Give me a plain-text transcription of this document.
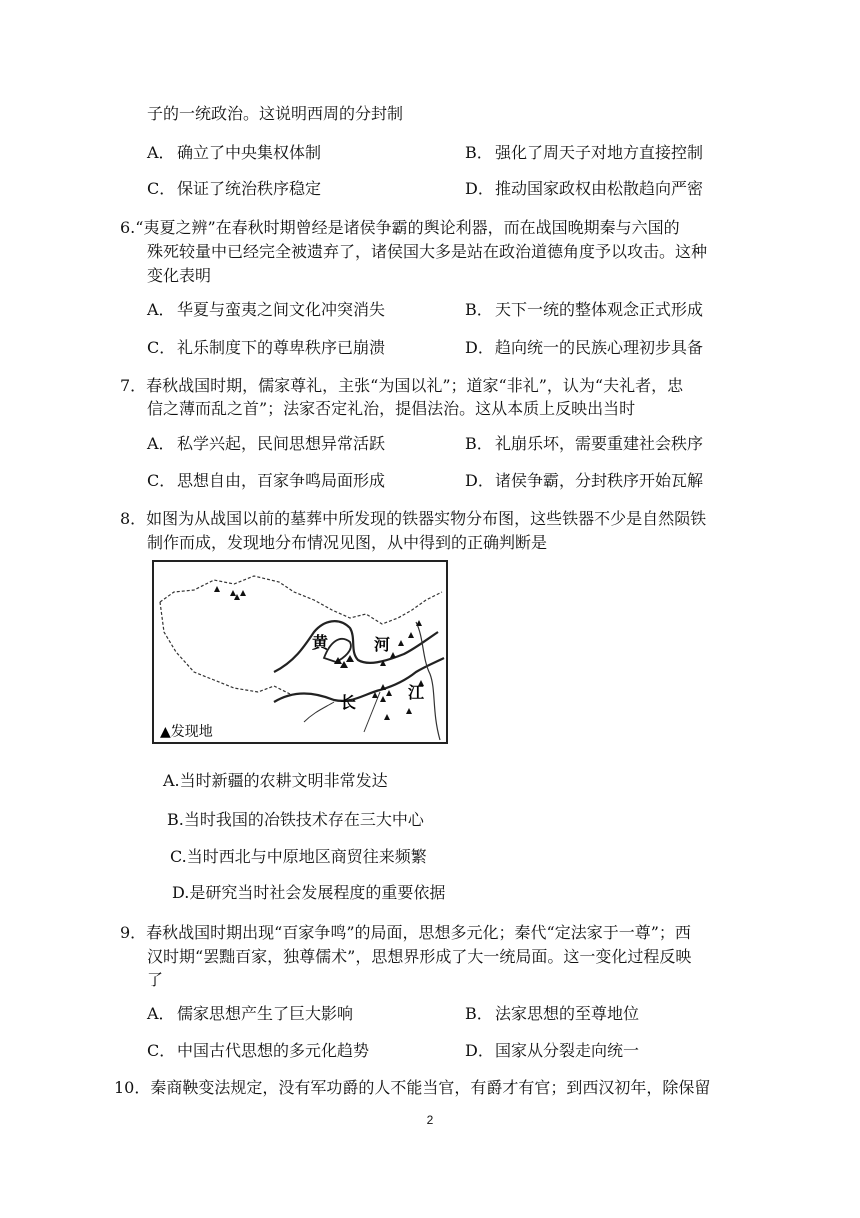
子的一统政治。这说明西周的分封制
A． 确立了中央集权体制	B． 强化了周天子对地方直接控制
C． 保证了统治秩序稳定	D．推动国家政权由松散趋向严密
6.“夷夏之辨”在春秋时期曾经是诸侯争霸的舆论利器，而在战国晚期秦与六国的
殊死较量中已经完全被遗弃了，诸侯国大多是站在政治道德角度予以攻击。这种
变化表明
A． 华夏与蛮夷之间文化冲突消失	B． 天下一统的整体观念正式形成
C． 礼乐制度下的尊卑秩序已崩溃	D．趋向统一的民族心理初步具备
7．春秋战国时期，儒家尊礼，主张“为国以礼”；道家“非礼”，认为“夫礼者，忠
信之薄而乱之首”；法家否定礼治，提倡法治。这从本质上反映出当时
A． 私学兴起，民间思想异常活跃	B． 礼崩乐坏，需要重建社会秩序
C． 思想自由，百家争鸣局面形成	D．诸侯争霸，分封秩序开始瓦解
8．如图为从战国以前的墓葬中所发现的铁器实物分布图，这些铁器不少是自然陨铁
制作而成，发现地分布情况见图，从中得到的正确判断是
黄	河
长
江
▲发现地
A.当时新疆的农耕文明非常发达
B.当时我国的冶铁技术存在三大中心
C.当时西北与中原地区商贸往来频繁
D.是研究当时社会发展程度的重要依据
9．春秋战国时期出现“百家争鸣”的局面，思想多元化；秦代“定法家于一尊”；西
汉时期“罢黜百家，独尊儒术”，思想界形成了大一统局面。这一变化过程反映
了
A． 儒家思想产生了巨大影响	B． 法家思想的至尊地位
C． 中国古代思想的多元化趋势	D．国家从分裂走向统一
10．秦商鞅变法规定，没有军功爵的人不能当官，有爵才有官；到西汉初年，除保留
2
